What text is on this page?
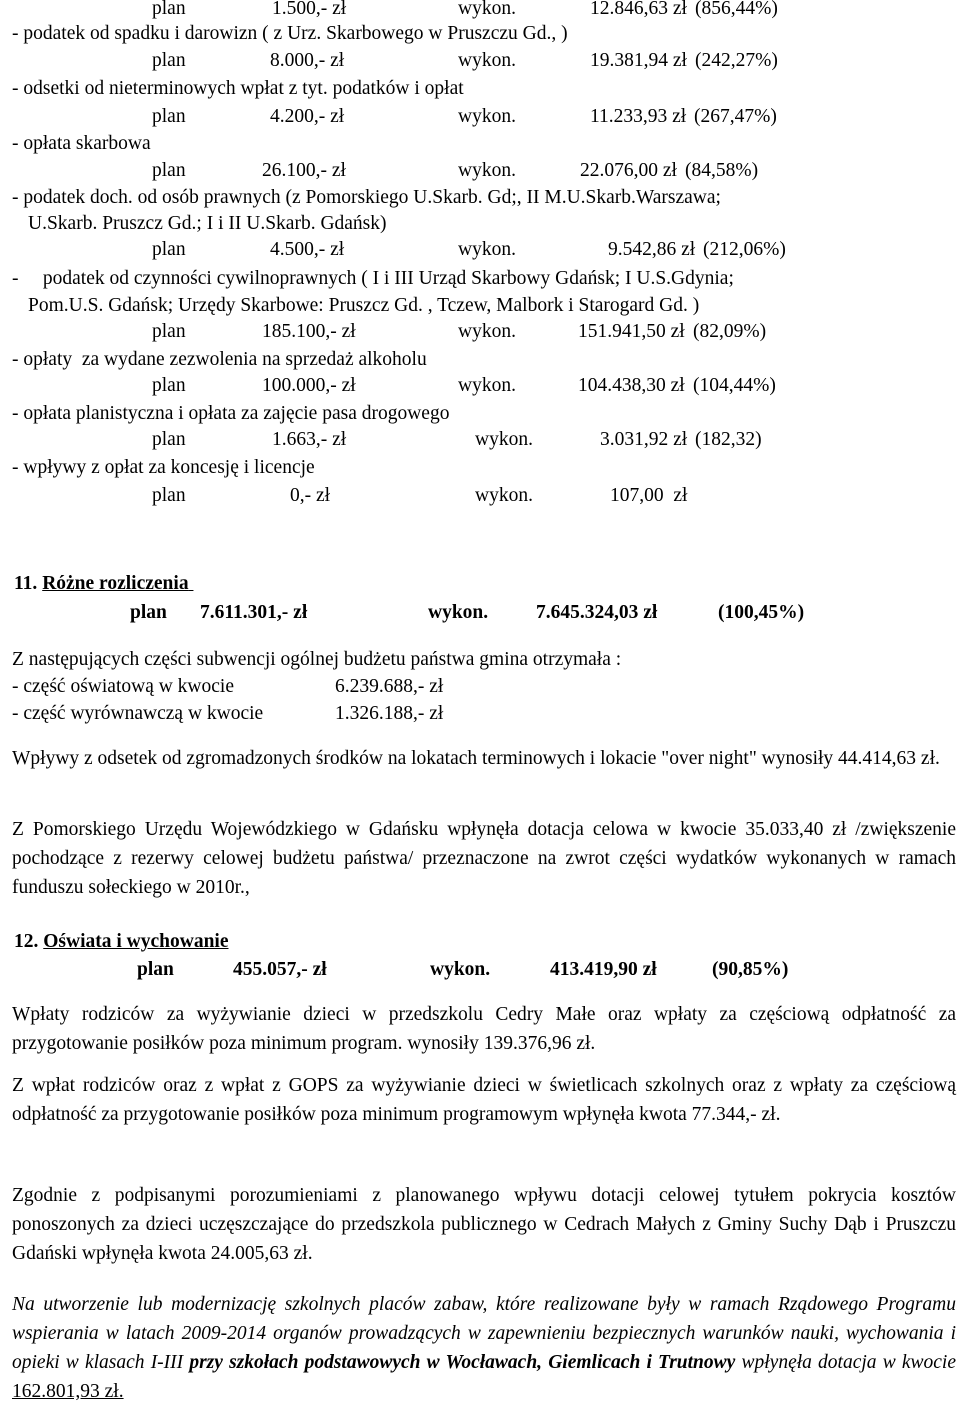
plan	1.500,- zł	wykon.	12.846,63 zł (856,44%)
- podatek od spadku i darowizn ( z Urz. Skarbowego w Pruszczu Gd., )
plan	8.000,- zł	wykon.	19.381,94 zł (242,27%)
- odsetki od nieterminowych wpłat z tyt. podatków i opłat
plan	4.200,- zł	wykon.	11.233,93 zł (267,47%)
- opłata skarbowa
plan	26.100,- zł	wykon.	22.076,00 zł (84,58%)
- podatek doch. od osób prawnych (z Pomorskiego U.Skarb. Gd;, II M.U.Skarb.Warszawa;
U.Skarb. Pruszcz Gd.; I i II U.Skarb. Gdańsk)
plan	4.500,- zł	wykon.	9.542,86 zł (212,06%)
-     podatek od czynności cywilnoprawnych ( I i III Urząd Skarbowy Gdańsk; I U.S.Gdynia;
Pom.U.S. Gdańsk; Urzędy Skarbowe: Pruszcz Gd. , Tczew, Malbork i Starogard Gd. )
plan	185.100,- zł	wykon.	151.941,50 zł (82,09%)
- opłaty  za wydane zezwolenia na sprzedaż alkoholu
plan	100.000,- zł	wykon.	104.438,30 zł (104,44%)
- opłata planistyczna i opłata za zajęcie pasa drogowego
plan	1.663,- zł	wykon.	3.031,92 zł (182,32)
- wpływy z opłat za koncesję i licencje
plan	0,- zł	wykon.	107,00  zł
11. Różne rozliczenia
plan 7.611.301,- zł	wykon. 7.645.324,03 zł	(100,45%)
Z następujących części subwencji ogólnej budżetu państwa gmina otrzymała :
- część oświatową w kwocie	6.239.688,- zł
- część wyrównawczą w kwocie	1.326.188,- zł
Wpływy z odsetek od zgromadzonych środków na lokatach terminowych i lokacie "over night" wynosiły 44.414,63 zł.
Z Pomorskiego Urzędu Wojewódzkiego w Gdańsku wpłynęła dotacja celowa w kwocie 35.033,40 zł /zwiększenie pochodzące z rezerwy celowej budżetu państwa/ przeznaczone na zwrot części wydatków wykonanych w ramach funduszu sołeckiego w 2010r.,
12. Oświata i wychowanie
plan	455.057,- zł	wykon.	413.419,90 zł	(90,85%)
Wpłaty rodziców za wyżywianie dzieci w przedszkolu Cedry Małe oraz wpłaty za częściową odpłatność za przygotowanie posiłków poza minimum program. wynosiły 139.376,96 zł.
Z wpłat rodziców oraz z wpłat z GOPS za wyżywianie dzieci w świetlicach szkolnych oraz z wpłaty za częściową odpłatność za przygotowanie posiłków poza minimum programowym wpłynęła kwota 77.344,- zł.
Zgodnie z podpisanymi porozumieniami z planowanego wpływu dotacji celowej tytułem pokrycia kosztów ponoszonych za dzieci uczęszczające do przedszkola publicznego w Cedrach Małych z Gminy Suchy Dąb i Pruszczu Gdański wpłynęła kwota 24.005,63 zł.
Na utworzenie lub modernizację szkolnych placów zabaw, które realizowane były w ramach Rządowego Programu wspierania w latach 2009-2014 organów prowadzących w zapewnieniu bezpiecznych warunków nauki, wychowania i opieki w klasach I-III przy szkołach podstawowych w Wocławach, Giemlicach i Trutnowy wpłynęła dotacja w kwocie 162.801,93 zł.
